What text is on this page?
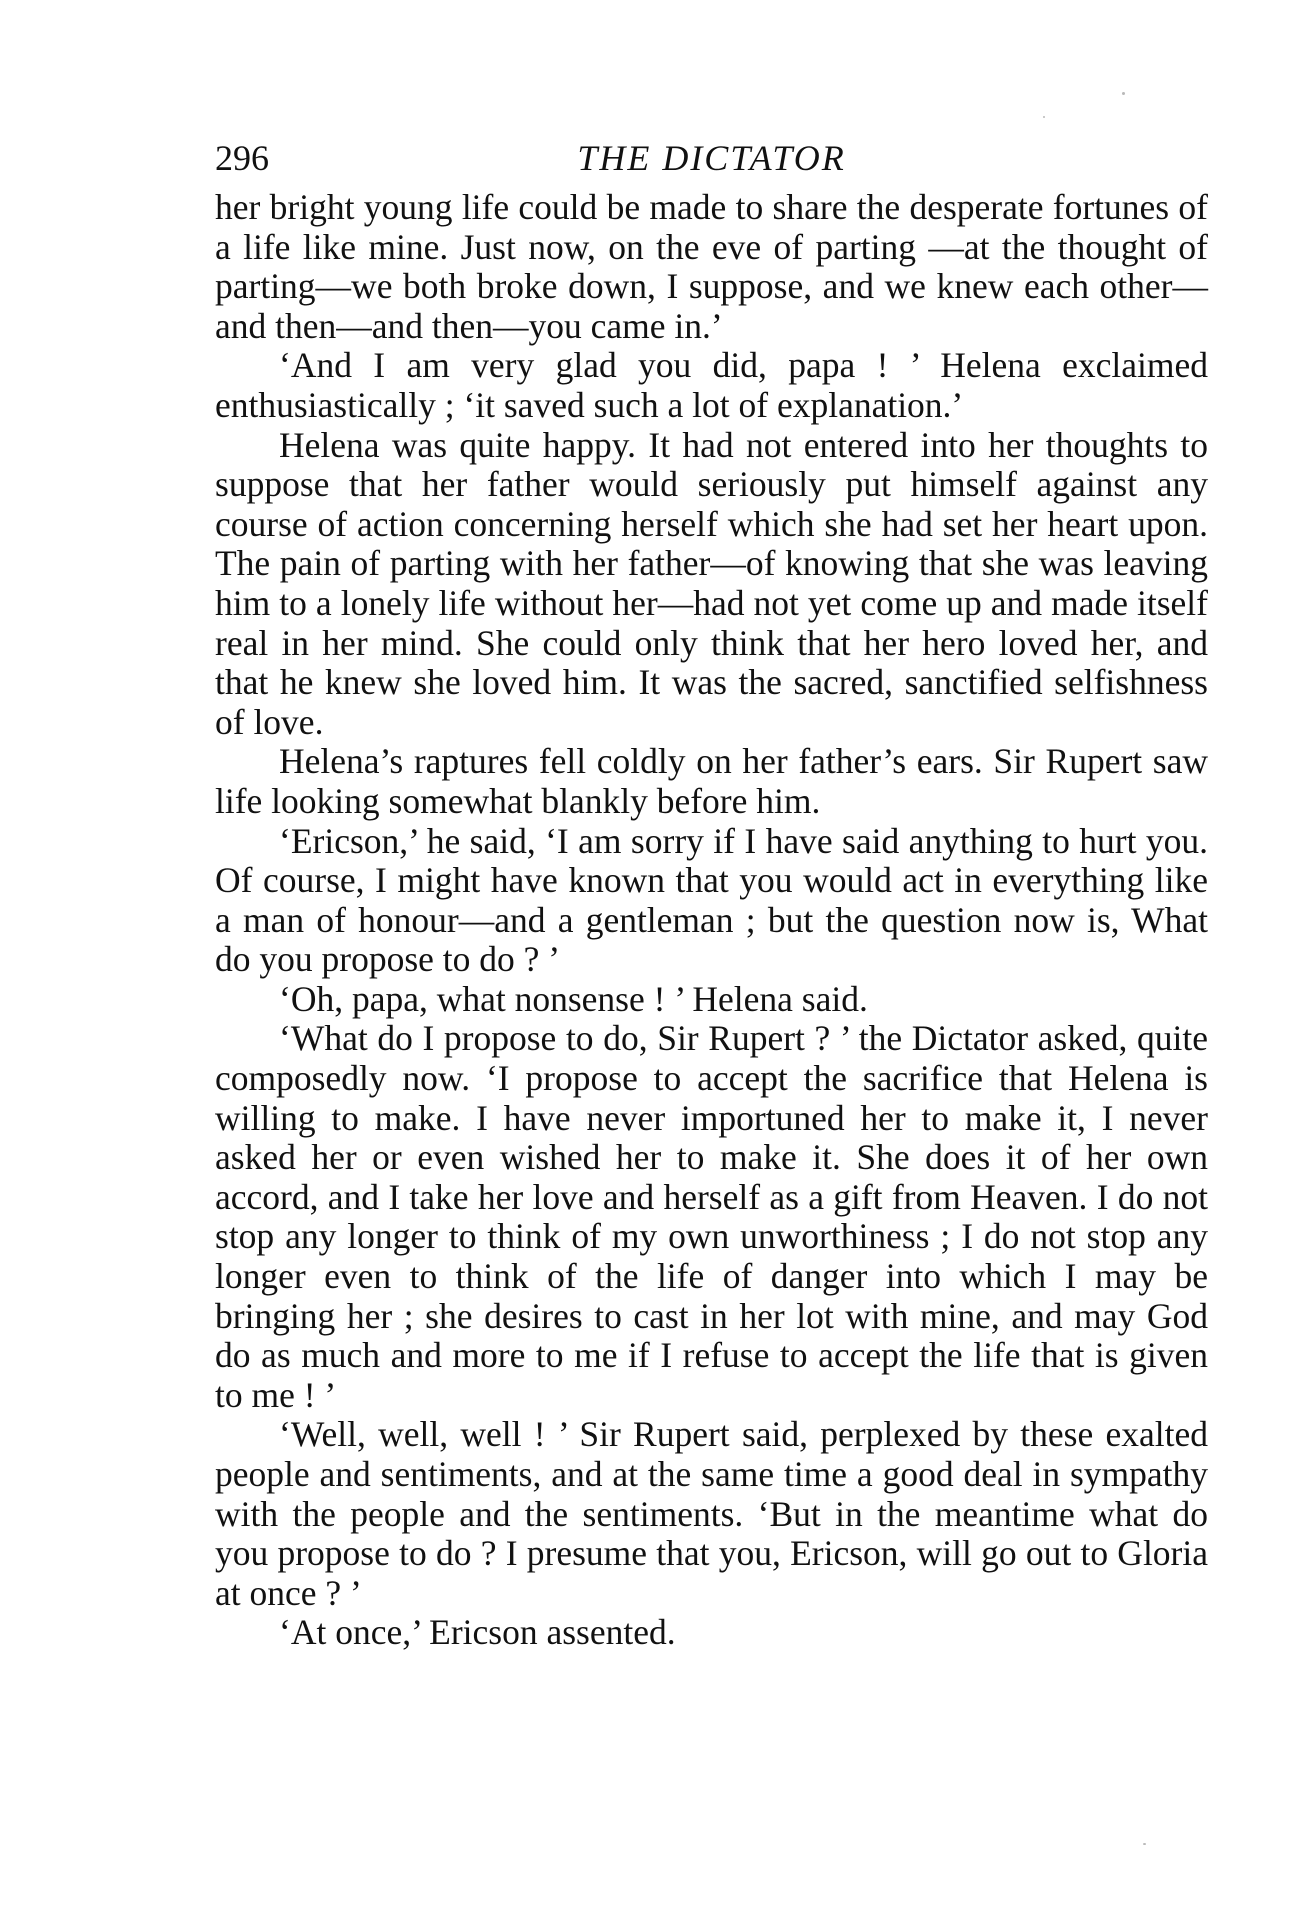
296	THE DICTATOR

her bright young life could be made to share the desperate fortunes of a life like mine. Just now, on the eve of parting —at the thought of parting—we both broke down, I suppose, and we knew each other—and then—and then—you came in.’

‘And I am very glad you did, papa ! ’ Helena exclaimed enthusiastically ; ‘it saved such a lot of explanation.’

Helena was quite happy. It had not entered into her thoughts to suppose that her father would seriously put himself against any course of action concerning herself which she had set her heart upon. The pain of parting with her father—of knowing that she was leaving him to a lonely life without her—had not yet come up and made itself real in her mind. She could only think that her hero loved her, and that he knew she loved him. It was the sacred, sanctified selfishness of love.

Helena’s raptures fell coldly on her father’s ears. Sir Rupert saw life looking somewhat blankly before him.

‘Ericson,’ he said, ‘I am sorry if I have said anything to hurt you. Of course, I might have known that you would act in everything like a man of honour—and a gentleman ; but the question now is, What do you propose to do ? ’

‘Oh, papa, what nonsense ! ’ Helena said.

‘What do I propose to do, Sir Rupert ? ’ the Dictator asked, quite composedly now. ‘I propose to accept the sacrifice that Helena is willing to make. I have never importuned her to make it, I never asked her or even wished her to make it. She does it of her own accord, and I take her love and herself as a gift from Heaven. I do not stop any longer to think of my own unworthiness ; I do not stop any longer even to think of the life of danger into which I may be bringing her ; she desires to cast in her lot with mine, and may God do as much and more to me if I refuse to accept the life that is given to me ! ’

‘Well, well, well ! ’ Sir Rupert said, perplexed by these exalted people and sentiments, and at the same time a good deal in sympathy with the people and the sentiments. ‘But in the meantime what do you propose to do ? I presume that you, Ericson, will go out to Gloria at once ? ’

‘At once,’ Ericson assented.
